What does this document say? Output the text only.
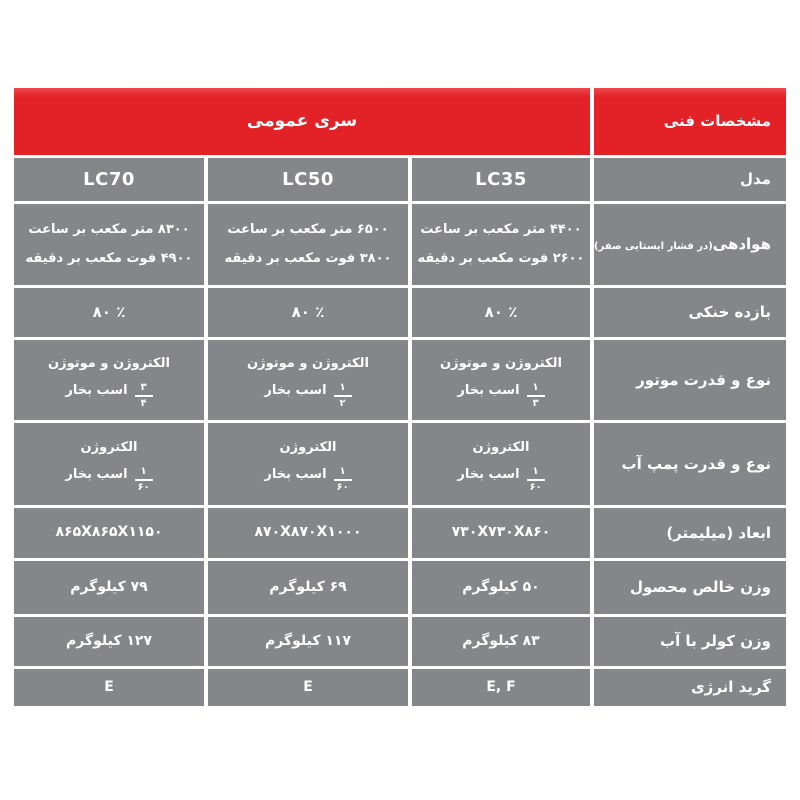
مشخصات فنی
سری عمومی
مدل
LC35
LC50
LC70
هوادهی(در فشار ایستایی صفر)
۴۴۰۰ متر مکعب بر ساعت
۲۶۰۰ فوت مکعب بر دقیقه
۶۵۰۰ متر مکعب بر ساعت
۳۸۰۰ فوت مکعب بر دقیقه
۸۳۰۰ متر مکعب بر ساعت
۴۹۰۰ فوت مکعب بر دقیقه
بازده خنکی
۸۰ ٪
۸۰ ٪
۸۰ ٪
نوع و قدرت موتور
الکتروژن و موتوژن
$\frac{۱}{۳}$
اسب بخار
الکتروژن و موتوژن
$\frac{۱}{۲}$
اسب بخار
الکتروژن و موتوژن
$\frac{۳}{۴}$
اسب بخار
نوع و قدرت پمپ آب
الکتروژن
$\frac{۱}{۶۰}$
اسب بخار
الکتروژن
$\frac{۱}{۶۰}$
اسب بخار
الکتروژن
$\frac{۱}{۶۰}$
اسب بخار
ابعاد (میلیمتر)
۷۳۰X۷۳۰X۸۶۰
۸۷۰X۸۷۰X۱۰۰۰
۸۶۵X۸۶۵X۱۱۵۰
وزن خالص محصول
۵۰ کیلوگرم
۶۹ کیلوگرم
۷۹ کیلوگرم
وزن کولر با آب
۸۳ کیلوگرم
۱۱۷ کیلوگرم
۱۲۷ کیلوگرم
گرید انرژی
E, F
E
E
